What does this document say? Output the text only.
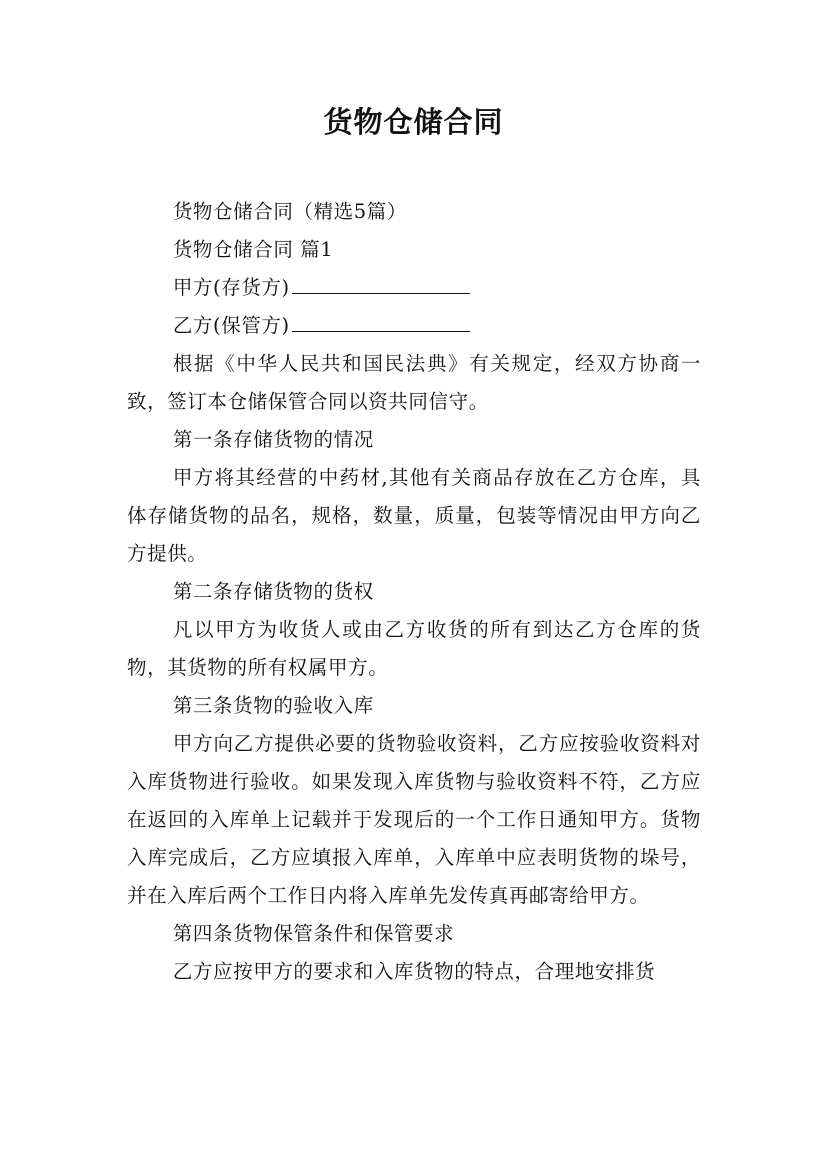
货物仓储合同

货物仓储合同（精选5篇）

货物仓储合同 篇1

甲方(存货方)

乙方(保管方)

根据《中华人民共和国民法典》有关规定，经双方协商一致，签订本仓储保管合同以资共同信守。

第一条存储货物的情况

甲方将其经营的中药材,其他有关商品存放在乙方仓库，具体存储货物的品名，规格，数量，质量，包装等情况由甲方向乙方提供。

第二条存储货物的货权

凡以甲方为收货人或由乙方收货的所有到达乙方仓库的货物，其货物的所有权属甲方。

第三条货物的验收入库

甲方向乙方提供必要的货物验收资料，乙方应按验收资料对入库货物进行验收。如果发现入库货物与验收资料不符，乙方应在返回的入库单上记载并于发现后的一个工作日通知甲方。货物入库完成后，乙方应填报入库单，入库单中应表明货物的垛号，并在入库后两个工作日内将入库单先发传真再邮寄给甲方。

第四条货物保管条件和保管要求

乙方应按甲方的要求和入库货物的特点，合理地安排货
